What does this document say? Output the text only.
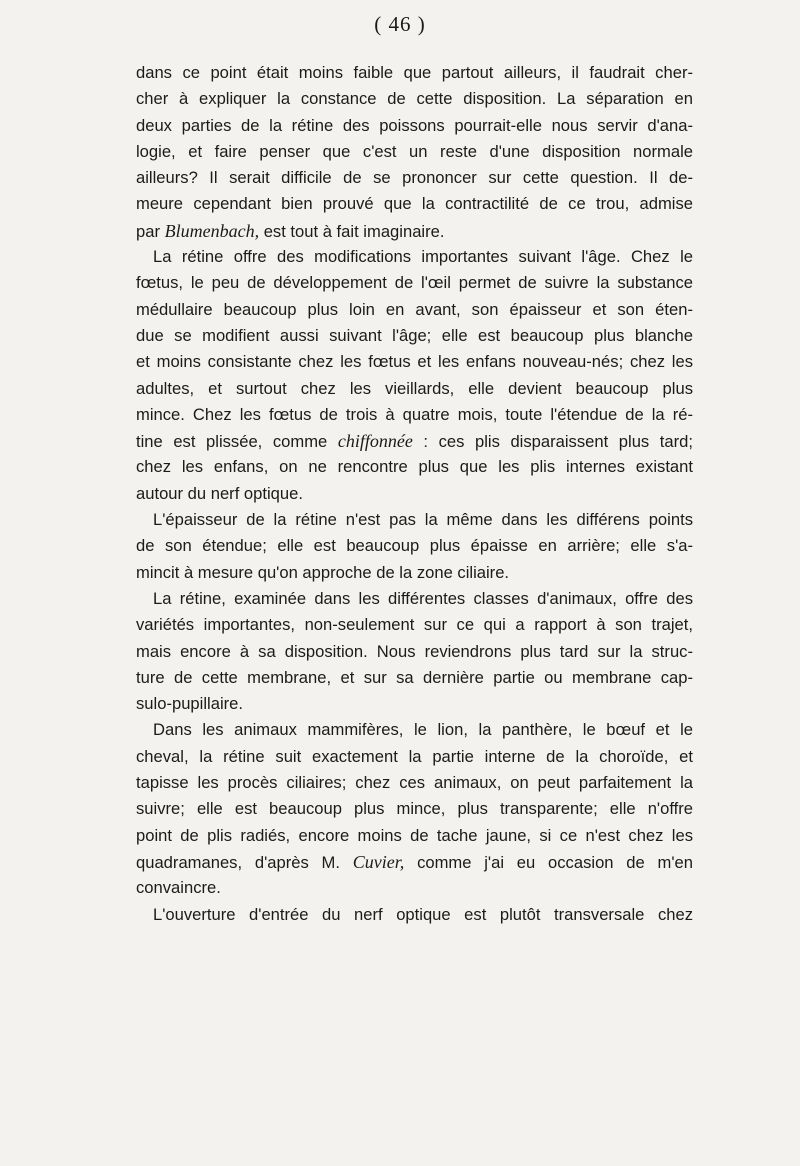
( 46 )
dans ce point était moins faible que partout ailleurs, il faudrait cher-
cher à expliquer la constance de cette disposition. La séparation en
deux parties de la rétine des poissons pourrait-elle nous servir d'ana-
logie, et faire penser que c'est un reste d'une disposition normale
ailleurs? Il serait difficile de se prononcer sur cette question. Il de-
meure cependant bien prouvé que la contractilité de ce trou, admise
par Blumenbach, est tout à fait imaginaire.
La rétine offre des modifications importantes suivant l'âge. Chez le
fœtus, le peu de développement de l'œil permet de suivre la substance
médullaire beaucoup plus loin en avant, son épaisseur et son éten-
due se modifient aussi suivant l'âge; elle est beaucoup plus blanche
et moins consistante chez les fœtus et les enfans nouveau-nés; chez les
adultes, et surtout chez les vieillards, elle devient beaucoup plus
mince. Chez les fœtus de trois à quatre mois, toute l'étendue de la ré-
tine est plissée, comme chiffonnée : ces plis disparaissent plus tard;
chez les enfans, on ne rencontre plus que les plis internes existant
autour du nerf optique.
L'épaisseur de la rétine n'est pas la même dans les différens points
de son étendue; elle est beaucoup plus épaisse en arrière; elle s'a-
mincit à mesure qu'on approche de la zone ciliaire.
La rétine, examinée dans les différentes classes d'animaux, offre des
variétés importantes, non-seulement sur ce qui a rapport à son trajet,
mais encore à sa disposition. Nous reviendrons plus tard sur la struc-
ture de cette membrane, et sur sa dernière partie ou membrane cap-
sulo-pupillaire.
Dans les animaux mammifères, le lion, la panthère, le bœuf et le
cheval, la rétine suit exactement la partie interne de la choroïde, et
tapisse les procès ciliaires; chez ces animaux, on peut parfaitement la
suivre; elle est beaucoup plus mince, plus transparente; elle n'offre
point de plis radiés, encore moins de tache jaune, si ce n'est chez les
quadramanes, d'après M. Cuvier, comme j'ai eu occasion de m'en
convaincre.
L'ouverture d'entrée du nerf optique est plutôt transversale chez
